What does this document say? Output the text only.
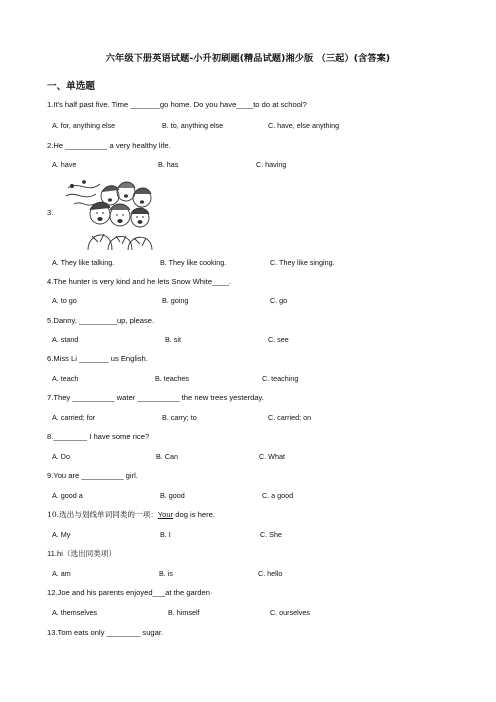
六年级下册英语试题-小升初刷题(精品试题)湘少版 （三起）(含答案)
一、单选题
1.It's half past five. Time _______go home. Do you have____to do at school?
A. for, anything else	B. to, anything else	C. have, else anything
2.He __________ a very healthy life.
A. have	B. has	C. having
3.
A. They like talking.	B. They like cooking.	C. They like singing.
4.The hunter is very kind and he lets Snow White____.
A. to go	B. going	C. go
5.Danny, _________up, please.
A. stand	B. sit	C. see
6.Miss Li _______ us English.
A. teach	B. teaches	C. teaching
7.They __________ water __________ the new trees yesterday.
A. carried; for	B. carry; to	C. carried; on
8.________ I have some rice?
A. Do	B. Can	C. What
9.You are __________ girl.
A. good a	B. good	C. a good
10.选出与划线单词同类的一项：Your dog is here.
A. My	B. I	C. She
11.hi（选出同类项）
A. am	B. is	C. hello
12.Joe and his parents enjoyed___at the garden·
A. themselves	B. himself	C. ourselves
13.Tom eats only ________ sugar.
